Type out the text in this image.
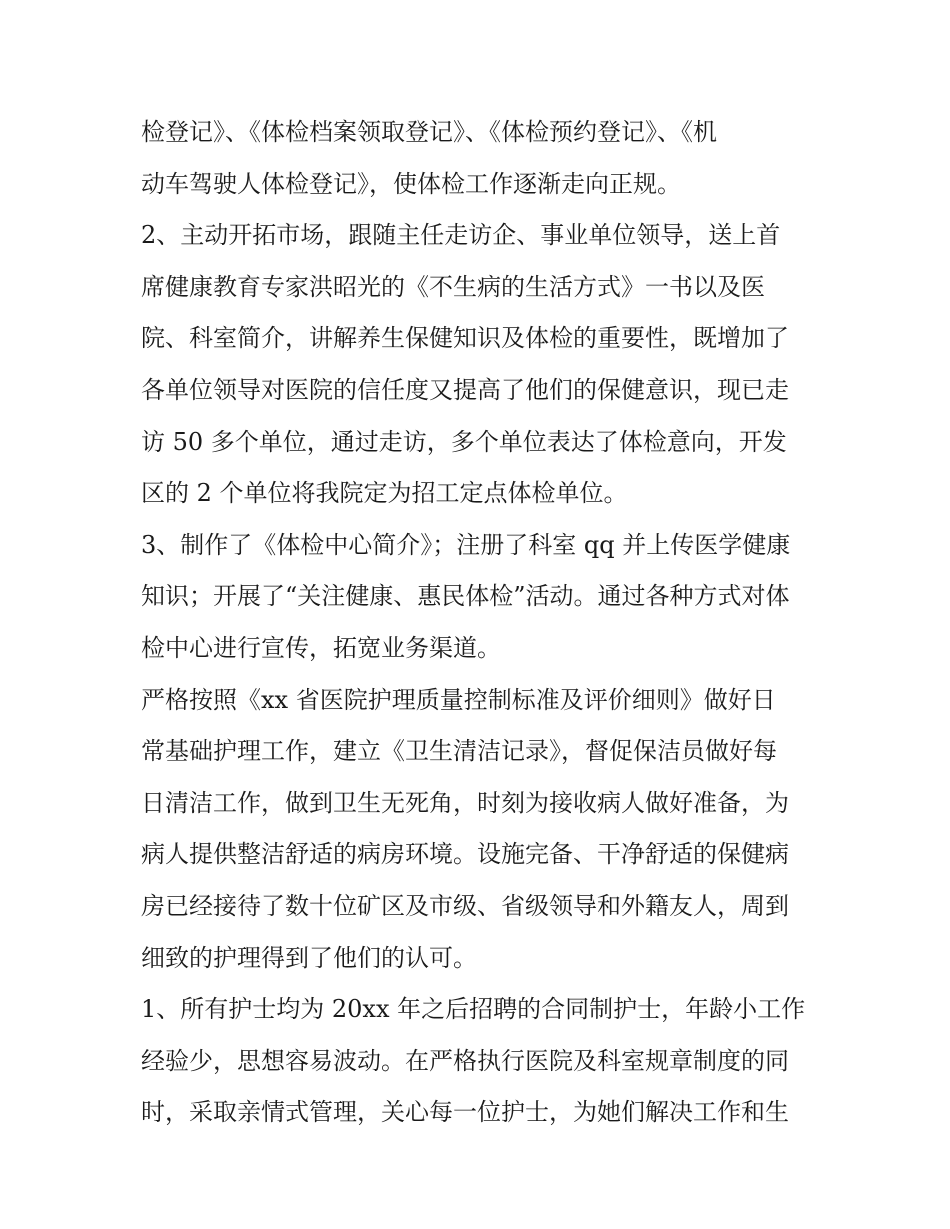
检登记》、《体检档案领取登记》、《体检预约登记》、《机
动车驾驶人体检登记》，使体检工作逐渐走向正规。
2、主动开拓市场，跟随主任走访企、事业单位领导，送上首
席健康教育专家洪昭光的《不生病的生活方式》一书以及医
院、科室简介，讲解养生保健知识及体检的重要性，既增加了
各单位领导对医院的信任度又提高了他们的保健意识，现已走
访 50 多个单位，通过走访，多个单位表达了体检意向，开发
区的 2 个单位将我院定为招工定点体检单位。
3、制作了《体检中心简介》；注册了科室 qq 并上传医学健康
知识；开展了“关注健康、惠民体检”活动。通过各种方式对体
检中心进行宣传，拓宽业务渠道。
严格按照《xx 省医院护理质量控制标准及评价细则》做好日
常基础护理工作，建立《卫生清洁记录》，督促保洁员做好每
日清洁工作，做到卫生无死角，时刻为接收病人做好准备，为
病人提供整洁舒适的病房环境。设施完备、干净舒适的保健病
房已经接待了数十位矿区及市级、省级领导和外籍友人，周到
细致的护理得到了他们的认可。
1、所有护士均为 20xx 年之后招聘的合同制护士，年龄小工作
经验少，思想容易波动。在严格执行医院及科室规章制度的同
时，采取亲情式管理，关心每一位护士，为她们解决工作和生
